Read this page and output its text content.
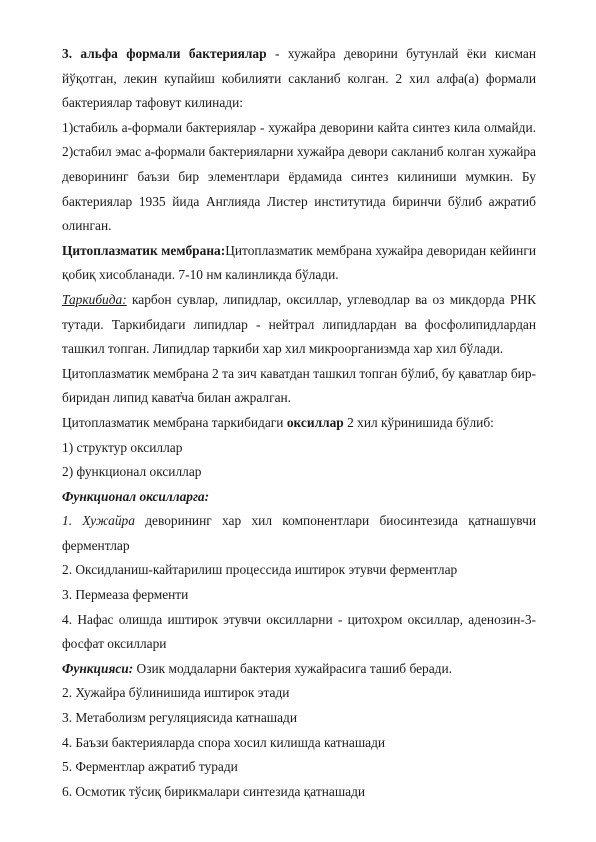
3. альфа формали бактериялар - хужайра деворини бутунлай ёки кисман йўқотган, лекин купайиш кобилияти сакланиб колган. 2 хил алфа(а) формали бактериялар тафовут килинади:

1)стабиль а-формали бактериялар - хужайра деворини кайта синтез кила олмайди. 2)стабил эмас а-формали бактерияларни хужайра девори сакланиб колган хужайра деворининг баъзи бир элементлари ёрдамида синтез килиниши мумкин. Бу бактериялар 1935 йида Англияда Листер институтида биринчи бўлиб ажратиб олинган.

Цитоплазматик мембрана:Цитоплазматик мембрана хужайра деворидан кейинги қобиқ хисобланади. 7-10 нм калинликда бўлади.

Таркибида: карбон сувлар, липидлар, оксиллар, углеводлар ва оз микдорда РНК тутади. Таркибидаги липидлар - нейтрал липидлардан ва фосфолипидлардан ташкил топган. Липидлар таркиби хар хил микроорганизмда хар хил бўлади.

Цитоплазматик мембрана 2 та зич каватдан ташкил топган бўлиб, бу қаватлар бир-биридан липид кават҆ча билан ажралган.

Цитоплазматик мембрана таркибидаги оксиллар 2 хил кўринишида бўлиб:

1) структур оксиллар

2) функционал оксиллар

Функционал оксилларга:

1. Хужайра деворининг хар хил компонентлари биосинтезида қатнашувчи ферментлар

2. Оксидланиш-кайтарилиш процессида иштирок этувчи ферментлар

3. Пермеаза ферменти

4. Нафас олишда иштирок этувчи оксилларни - цитохром оксиллар, аденозин-3-фосфат оксиллари

Функцияси: Озик моддаларни бактерия хужайрасига ташиб беради.

2. Хужайра бўлинишида иштирок этади

3. Метаболизм регуляциясида катнашади

4. Баъзи бактерияларда спора хосил килишда катнашади

5. Ферментлар ажратиб туради

6. Осмотик тўсиқ бирикмалари синтезида қатнашади
